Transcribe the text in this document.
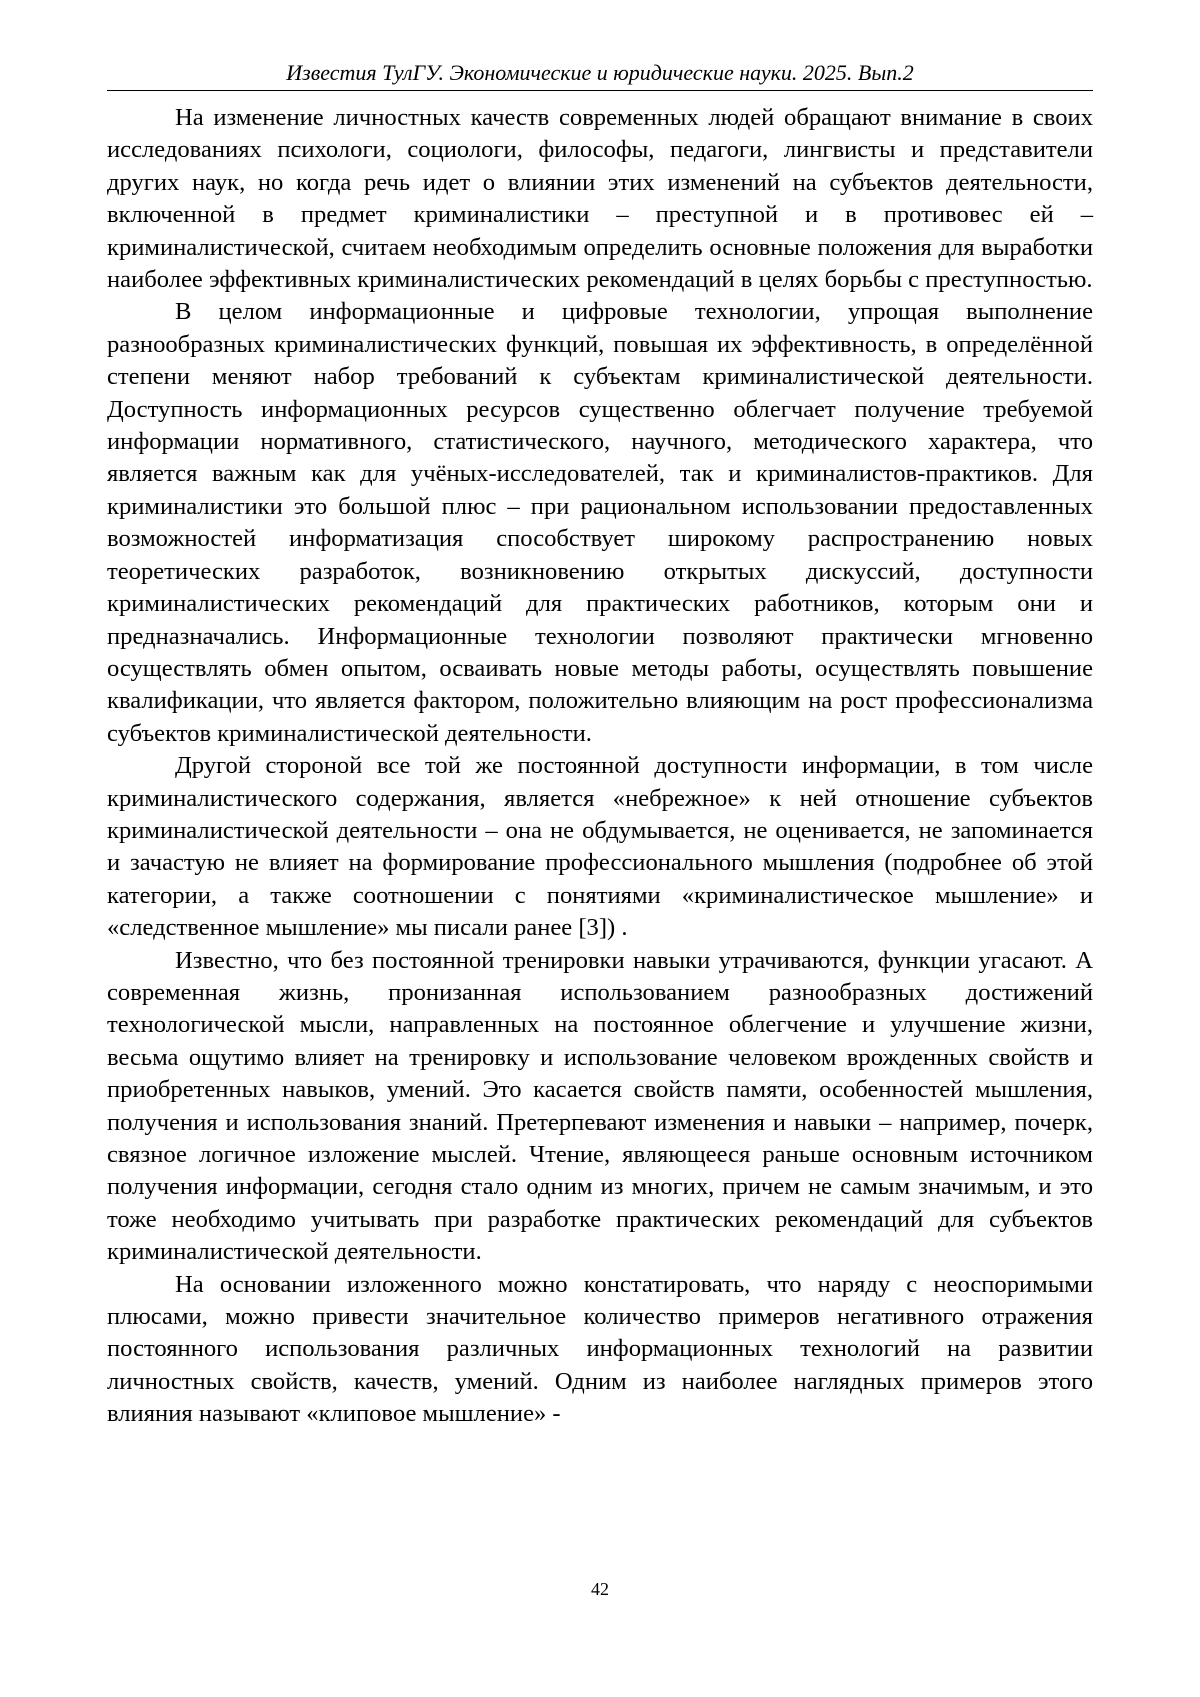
Известия ТулГУ. Экономические и юридические науки. 2025. Вып.2

На изменение личностных качеств современных людей обращают внимание в своих исследованиях психологи, социологи, философы, педагоги, лингвисты и представители других наук, но когда речь идет о влиянии этих изменений на субъектов деятельности, включенной в предмет криминалистики – преступной и в противовес ей – криминалистической, считаем необходимым определить основные положения для выработки наиболее эффективных криминалистических рекомендаций в целях борьбы с преступностью.

В целом информационные и цифровые технологии, упрощая выполнение разнообразных криминалистических функций, повышая их эффективность, в определённой степени меняют набор требований к субъектам криминалистической деятельности. Доступность информационных ресурсов существенно облегчает получение требуемой информации нормативного, статистического, научного, методического характера, что является важным как для учёных-исследователей, так и криминалистов-практиков. Для криминалистики это большой плюс – при рациональном использовании предоставленных возможностей информатизация способствует широкому распространению новых теоретических разработок, возникновению открытых дискуссий, доступности криминалистических рекомендаций для практических работников, которым они и предназначались. Информационные технологии позволяют практически мгновенно осуществлять обмен опытом, осваивать новые методы работы, осуществлять повышение квалификации, что является фактором, положительно влияющим на рост профессионализма субъектов криминалистической деятельности.

Другой стороной все той же постоянной доступности информации, в том числе криминалистического содержания, является «небрежное» к ней отношение субъектов криминалистической деятельности – она не обдумывается, не оценивается, не запоминается и зачастую не влияет на формирование профессионального мышления (подробнее об этой категории, а также соотношении с понятиями «криминалистическое мышление» и «следственное мышление» мы писали ранее [3]) .

Известно, что без постоянной тренировки навыки утрачиваются, функции угасают. А современная жизнь, пронизанная использованием разнообразных достижений технологической мысли, направленных на постоянное облегчение и улучшение жизни, весьма ощутимо влияет на тренировку и использование человеком врожденных свойств и приобретенных навыков, умений. Это касается свойств памяти, особенностей мышления, получения и использования знаний. Претерпевают изменения и навыки – например, почерк, связное логичное изложение мыслей. Чтение, являющееся раньше основным источником получения информации, сегодня стало одним из многих, причем не самым значимым, и это тоже необходимо учитывать при разработке практических рекомендаций для субъектов криминалистической деятельности.

На основании изложенного можно констатировать, что наряду с неоспоримыми плюсами, можно привести значительное количество примеров негативного отражения постоянного использования различных информационных технологий на развитии личностных свойств, качеств, умений. Одним из наиболее наглядных примеров этого влияния называют «клиповое мышление» -

42
